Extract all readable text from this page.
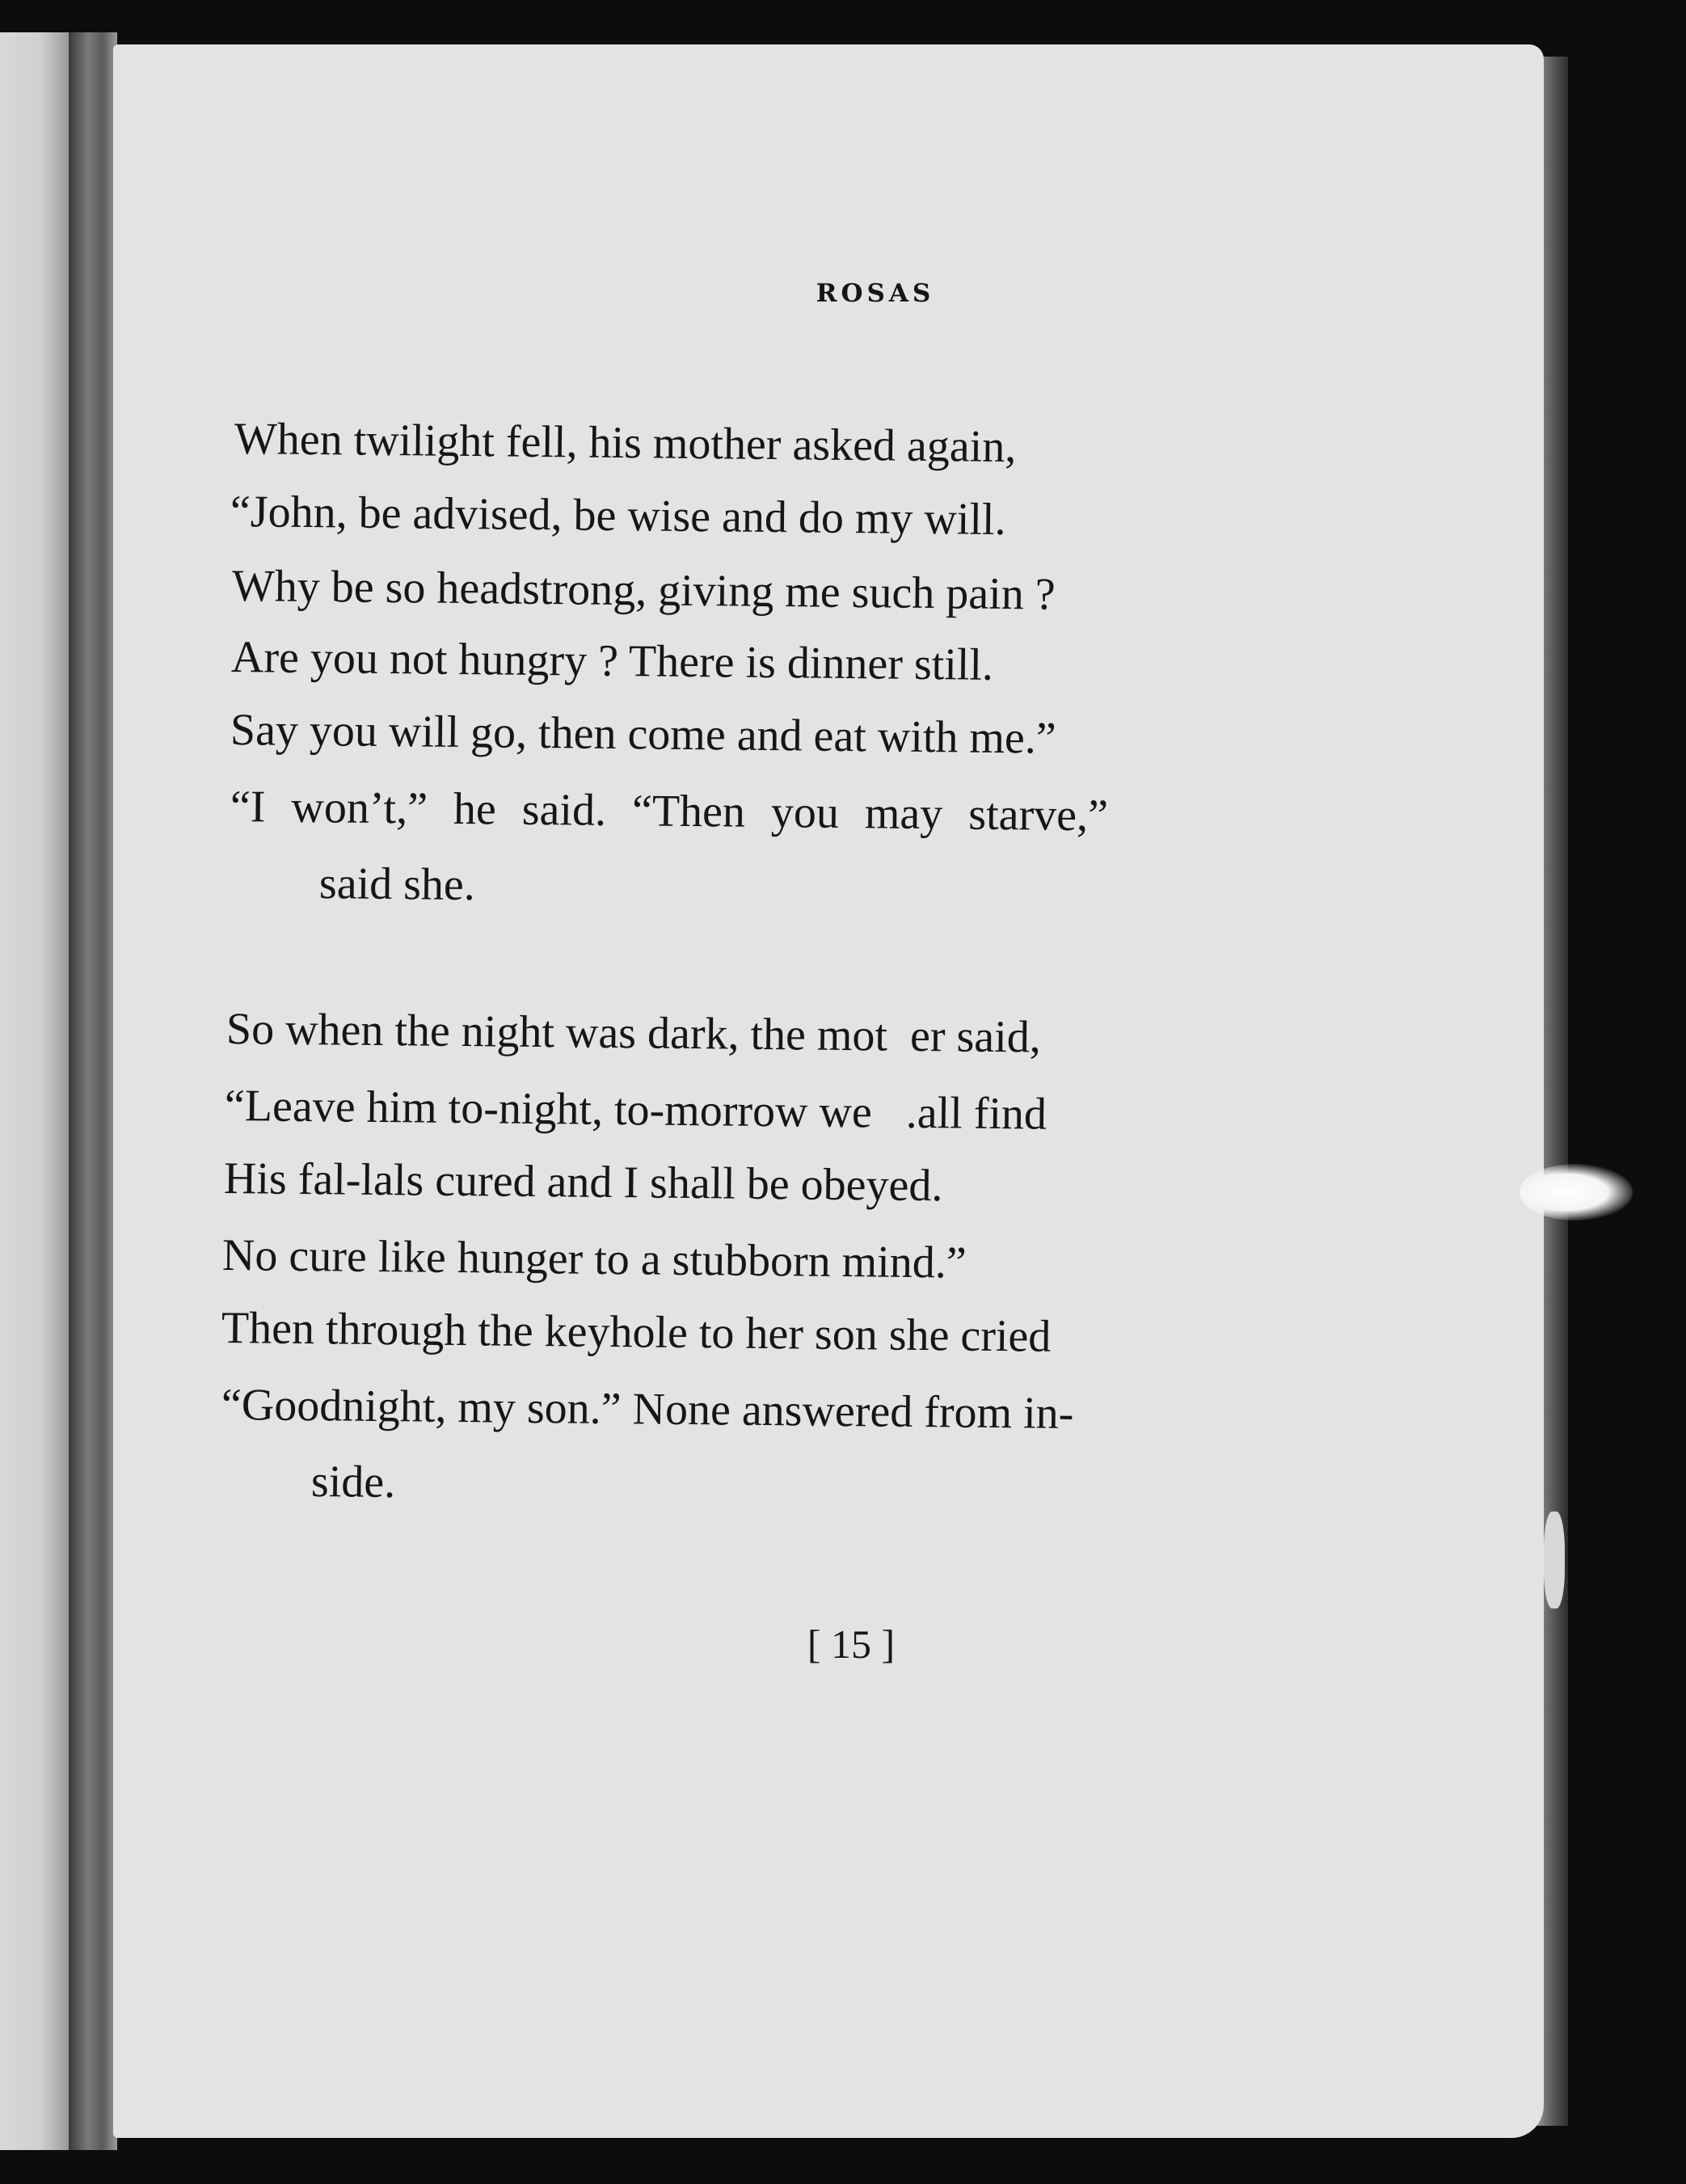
ROSAS
When twilight fell, his mother asked again,
“John, be advised, be wise and do my will.
Why be so headstrong, giving me such pain ?
Are you not hungry ? There is dinner still.
Say you will go, then come and eat with me.”
“I won’t,” he said. “Then you may starve,”
said she.
So when the night was dark, the mot  er said,
“Leave him to-night, to-morrow we   .all find
His fal-lals cured and I shall be obeyed.
No cure like hunger to a stubborn mind.”
Then through the keyhole to her son she cried
“Goodnight, my son.” None answered from in-
side.
[ 15 ]
